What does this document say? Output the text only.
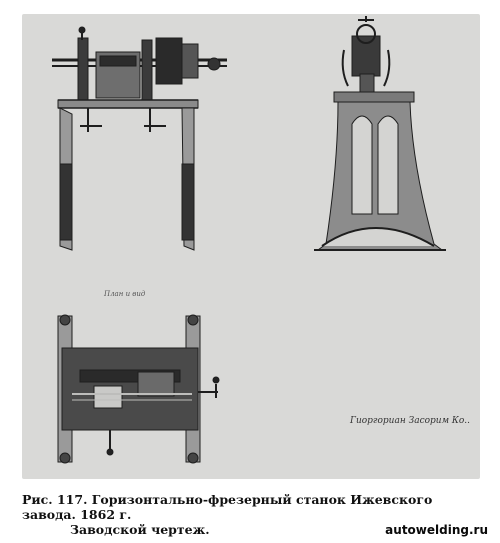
План и вид
Гиоргориан Засорим Ко..
Рис. 117. Горизонтально-фрезерный станок Ижевского завода. 1862 г.
Заводской чертеж.	autowelding.ru
